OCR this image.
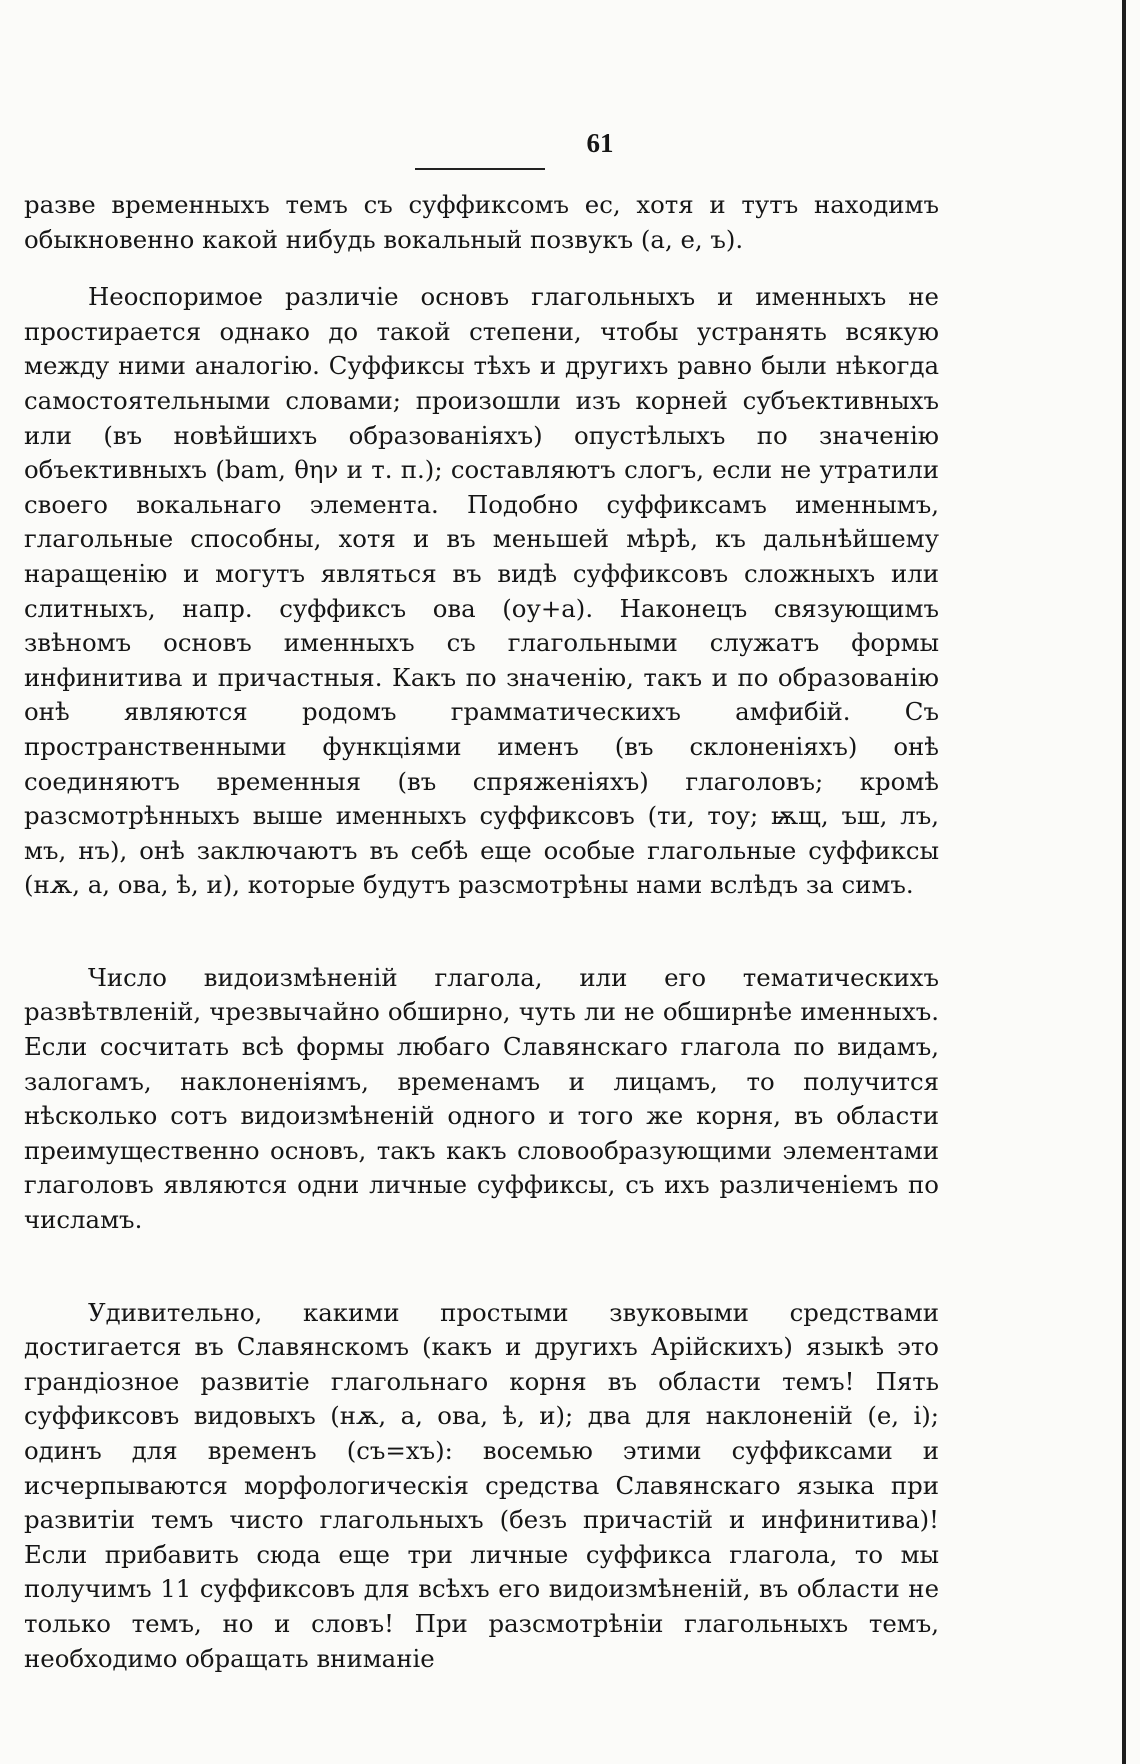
61

разве временныхъ темъ съ суффиксомъ ес, хотя и тутъ находимъ обыкновенно какой нибудь вокальный позвукъ (а, е, ъ).

Неоспоримое различiе основъ глагольныхъ и именныхъ не простирается однако до такой степени, чтобы устранять всякую между ними аналогiю. Суффиксы тѣхъ и другихъ равно были нѣкогда самостоятельными словами; произошли изъ корней субъективныхъ или (въ новѣйшихъ образованiяхъ) опустѣлыхъ по значенiю объективныхъ (bam, θην и т. п.); составляютъ слогъ, если не утратили своего вокальнаго элемента. Подобно суффиксамъ именнымъ, глагольные способны, хотя и въ меньшей мѣрѣ, къ дальнѣйшему наращенiю и могутъ являться въ видѣ суффиксовъ сложныхъ или слитныхъ, напр. суффиксъ ова (оу+а). Наконецъ связующимъ звѣномъ основъ именныхъ съ глагольными служатъ формы инфинитива и причастныя. Какъ по значенiю, такъ и по образованiю онѣ являются родомъ грамматическихъ амфибiй. Съ пространственными функцiями именъ (въ склоненiяхъ) онѣ соединяютъ временныя (въ спряженiяхъ) глаголовъ; кромѣ разсмотрѣнныхъ выше именныхъ суффиксовъ (ти, тоу; ѭщ, ъш, лъ, мъ, нъ), онѣ заключаютъ въ себѣ еще особые глагольные суффиксы (нѫ, а, ова, ѣ, и), которые будутъ разсмотрѣны нами вслѣдъ за симъ.

Число видоизмѣненiй глагола, или его тематическихъ развѣтвленiй, чрезвычайно обширно, чуть ли не обширнѣе именныхъ. Если сосчитать всѣ формы любаго Славянскаго глагола по видамъ, залогамъ, наклоненiямъ, временамъ и лицамъ, то получится нѣсколько сотъ видоизмѣненiй одного и того же корня, въ области преимущественно основъ, такъ какъ словообразующими элементами глаголовъ являются одни личные суффиксы, съ ихъ различенiемъ по числамъ.

Удивительно, какими простыми звуковыми средствами достигается въ Славянскомъ (какъ и другихъ Арiйскихъ) языкѣ это грандiозное развитiе глагольнаго корня въ области темъ! Пять суффиксовъ видовыхъ (нѫ, а, ова, ѣ, и); два для наклоненiй (е, i); одинъ для временъ (съ=хъ): восемью этими суффиксами и исчерпываются морфологическiя средства Славянскаго языка при развитiи темъ чисто глагольныхъ (безъ причастiй и инфинитива)! Если прибавить сюда еще три личные суффикса глагола, то мы получимъ 11 суффиксовъ для всѣхъ его видоизмѣненiй, въ области не только темъ, но и словъ! При разсмотрѣнiи глагольныхъ темъ, необходимо обращать вниманiе
